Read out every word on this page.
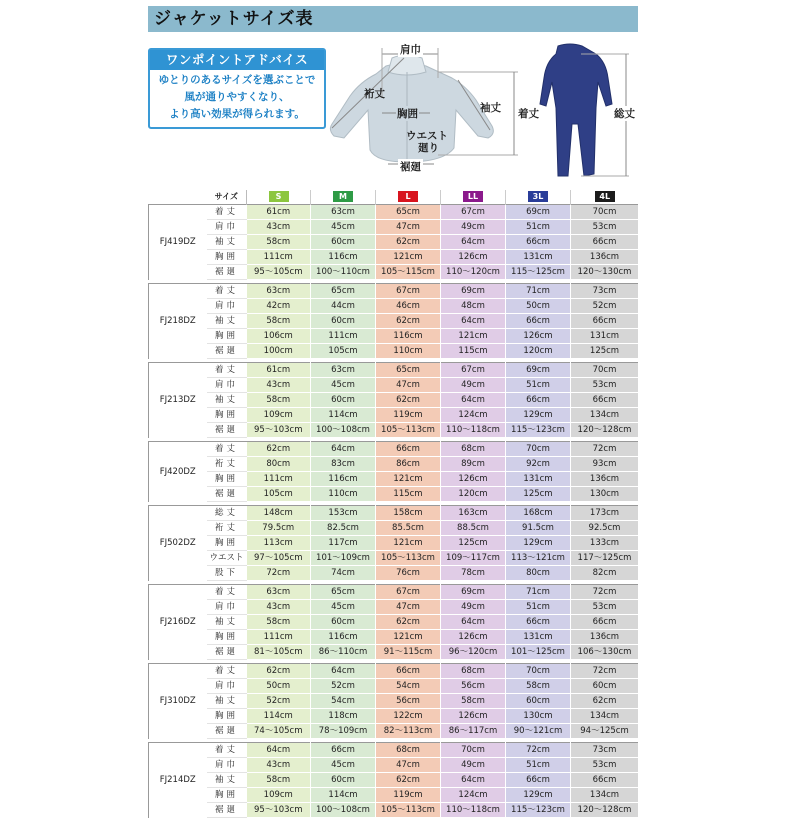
ジャケットサイズ表
ワンポイントアドバイス
ゆとりのあるサイズを選ぶことで
風が通りやすくなり、
より高い効果が得られます。
肩巾
裄丈
袖丈
胸囲
ウエスト
廻り
裾廻
着丈	総丈
	サイズ	S	M	L	LL	3L	4L
FJ419DZ	着丈	61cm	63cm	65cm	67cm	69cm	70cm
	肩巾	43cm	45cm	47cm	49cm	51cm	53cm
	袖丈	58cm	60cm	62cm	64cm	66cm	66cm
	胸囲	111cm	116cm	121cm	126cm	131cm	136cm
	裾廻	95～105cm	100～110cm	105～115cm	110～120cm	115～125cm	120～130cm

FJ218DZ	着丈	63cm	65cm	67cm	69cm	71cm	73cm
	肩巾	42cm	44cm	46cm	48cm	50cm	52cm
	袖丈	58cm	60cm	62cm	64cm	66cm	66cm
	胸囲	106cm	111cm	116cm	121cm	126cm	131cm
	裾廻	100cm	105cm	110cm	115cm	120cm	125cm

FJ213DZ	着丈	61cm	63cm	65cm	67cm	69cm	70cm
	肩巾	43cm	45cm	47cm	49cm	51cm	53cm
	袖丈	58cm	60cm	62cm	64cm	66cm	66cm
	胸囲	109cm	114cm	119cm	124cm	129cm	134cm
	裾廻	95～103cm	100～108cm	105～113cm	110～118cm	115～123cm	120～128cm

FJ420DZ	着丈	62cm	64cm	66cm	68cm	70cm	72cm
	裄丈	80cm	83cm	86cm	89cm	92cm	93cm
	胸囲	111cm	116cm	121cm	126cm	131cm	136cm
	裾廻	105cm	110cm	115cm	120cm	125cm	130cm

FJ502DZ	総丈	148cm	153cm	158cm	163cm	168cm	173cm
	裄丈	79.5cm	82.5cm	85.5cm	88.5cm	91.5cm	92.5cm
	胸囲	113cm	117cm	121cm	125cm	129cm	133cm
	ウエスト	97～105cm	101～109cm	105～113cm	109～117cm	113～121cm	117～125cm
	股下	72cm	74cm	76cm	78cm	80cm	82cm

FJ216DZ	着丈	63cm	65cm	67cm	69cm	71cm	72cm
	肩巾	43cm	45cm	47cm	49cm	51cm	53cm
	袖丈	58cm	60cm	62cm	64cm	66cm	66cm
	胸囲	111cm	116cm	121cm	126cm	131cm	136cm
	裾廻	81～105cm	86～110cm	91～115cm	96～120cm	101～125cm	106～130cm

FJ310DZ	着丈	62cm	64cm	66cm	68cm	70cm	72cm
	肩巾	50cm	52cm	54cm	56cm	58cm	60cm
	袖丈	52cm	54cm	56cm	58cm	60cm	62cm
	胸囲	114cm	118cm	122cm	126cm	130cm	134cm
	裾廻	74～105cm	78～109cm	82～113cm	86～117cm	90～121cm	94～125cm

FJ214DZ	着丈	64cm	66cm	68cm	70cm	72cm	73cm
	肩巾	43cm	45cm	47cm	49cm	51cm	53cm
	袖丈	58cm	60cm	62cm	64cm	66cm	66cm
	胸囲	109cm	114cm	119cm	124cm	129cm	134cm
	裾廻	95～103cm	100～108cm	105～113cm	110～118cm	115～123cm	120～128cm
